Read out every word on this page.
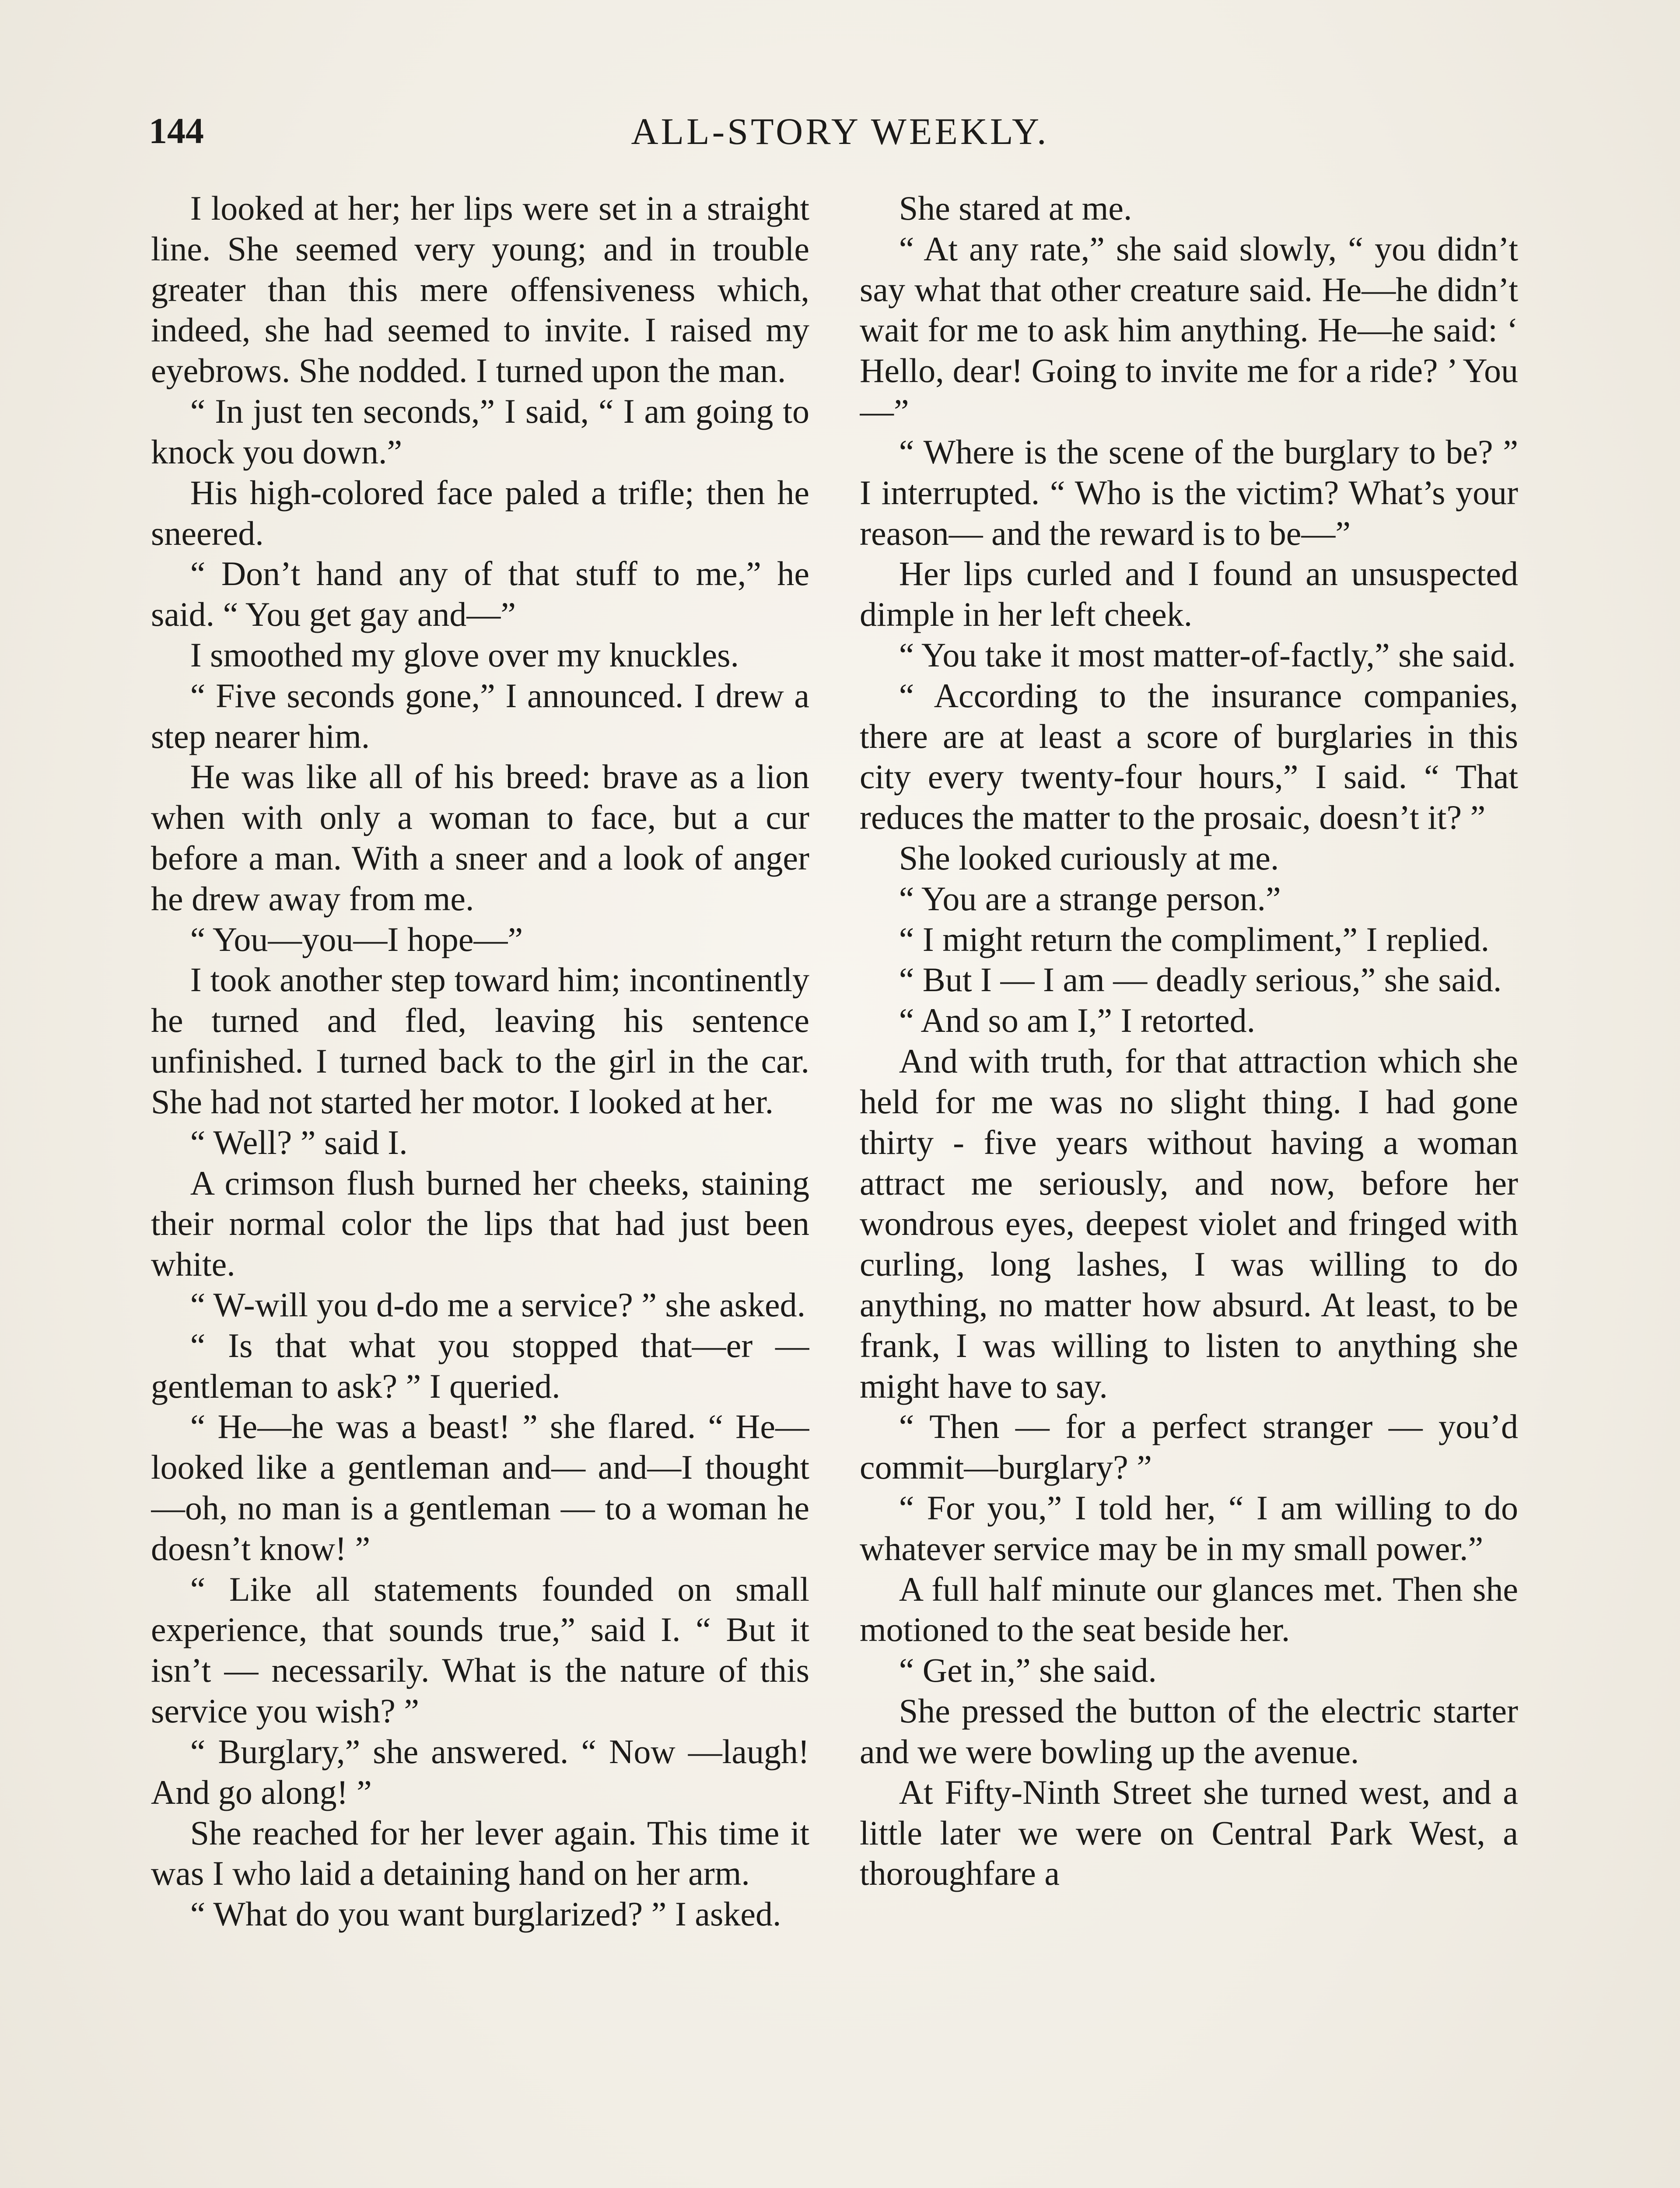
144	ALL-STORY WEEKLY.

I looked at her; her lips were set in a straight line. She seemed very young; and in trouble greater than this mere offensiveness which, indeed, she had seemed to invite. I raised my eyebrows. She nodded. I turned upon the man.

“ In just ten seconds,” I said, “ I am going to knock you down.”

His high-colored face paled a trifle; then he sneered.

“ Don’t hand any of that stuff to me,” he said. “ You get gay and—”

I smoothed my glove over my knuckles.

“ Five seconds gone,” I announced. I drew a step nearer him.

He was like all of his breed: brave as a lion when with only a woman to face, but a cur before a man. With a sneer and a look of anger he drew away from me.

“ You—you—I hope—”

I took another step toward him; incontinently he turned and fled, leaving his sentence unfinished. I turned back to the girl in the car. She had not started her motor. I looked at her.

“ Well? ” said I.

A crimson flush burned her cheeks, staining their normal color the lips that had just been white.

“ W-will you d-do me a service? ” she asked.

“ Is that what you stopped that—er —gentleman to ask? ” I queried.

“ He—he was a beast! ” she flared. “ He—looked like a gentleman and— and—I thought—oh, no man is a gentleman — to a woman he doesn’t know! ”

“ Like all statements founded on small experience, that sounds true,” said I. “ But it isn’t — necessarily. What is the nature of this service you wish? ”

“ Burglary,” she answered. “ Now —laugh! And go along! ”

She reached for her lever again. This time it was I who laid a detaining hand on her arm.

“ What do you want burglarized? ” I asked.

She stared at me.

“ At any rate,” she said slowly, “ you didn’t say what that other creature said. He—he didn’t wait for me to ask him anything. He—he said: ‘ Hello, dear! Going to invite me for a ride? ’ You—”

“ Where is the scene of the burglary to be? ” I interrupted. “ Who is the victim? What’s your reason— and the reward is to be—”

Her lips curled and I found an unsuspected dimple in her left cheek.

“ You take it most matter-of-factly,” she said.

“ According to the insurance companies, there are at least a score of burglaries in this city every twenty-four hours,” I said. “ That reduces the matter to the prosaic, doesn’t it? ”

She looked curiously at me.

“ You are a strange person.”

“ I might return the compliment,” I replied.

“ But I — I am — deadly serious,” she said.

“ And so am I,” I retorted.

And with truth, for that attraction which she held for me was no slight thing. I had gone thirty - five years without having a woman attract me seriously, and now, before her wondrous eyes, deepest violet and fringed with curling, long lashes, I was willing to do anything, no matter how absurd. At least, to be frank, I was willing to listen to anything she might have to say.

“ Then — for a perfect stranger — you’d commit—burglary? ”

“ For you,” I told her, “ I am willing to do whatever service may be in my small power.”

A full half minute our glances met. Then she motioned to the seat beside her.

“ Get in,” she said.

She pressed the button of the electric starter and we were bowling up the avenue.

At Fifty-Ninth Street she turned west, and a little later we were on Central Park West, a thoroughfare a
